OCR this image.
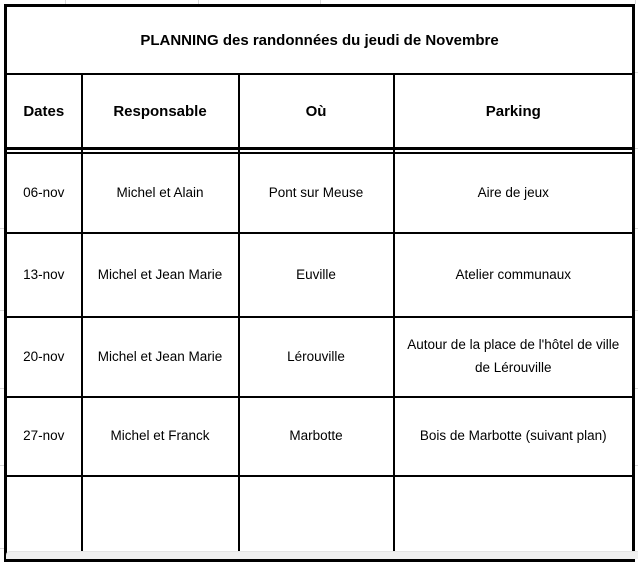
PLANNING des randonnées du jeudi de Novembre			
Dates	Responsable	Où	Parking

06-nov	Michel et Alain	Pont sur Meuse	Aire de jeux
13-nov	Michel et Jean Marie	Euville	Atelier communaux
20-nov	Michel et Jean Marie	Lérouville	Autour de la place de l'hôtel de ville de Lérouville
27-nov	Michel et Franck	Marbotte	Bois de Marbotte (suivant plan)
